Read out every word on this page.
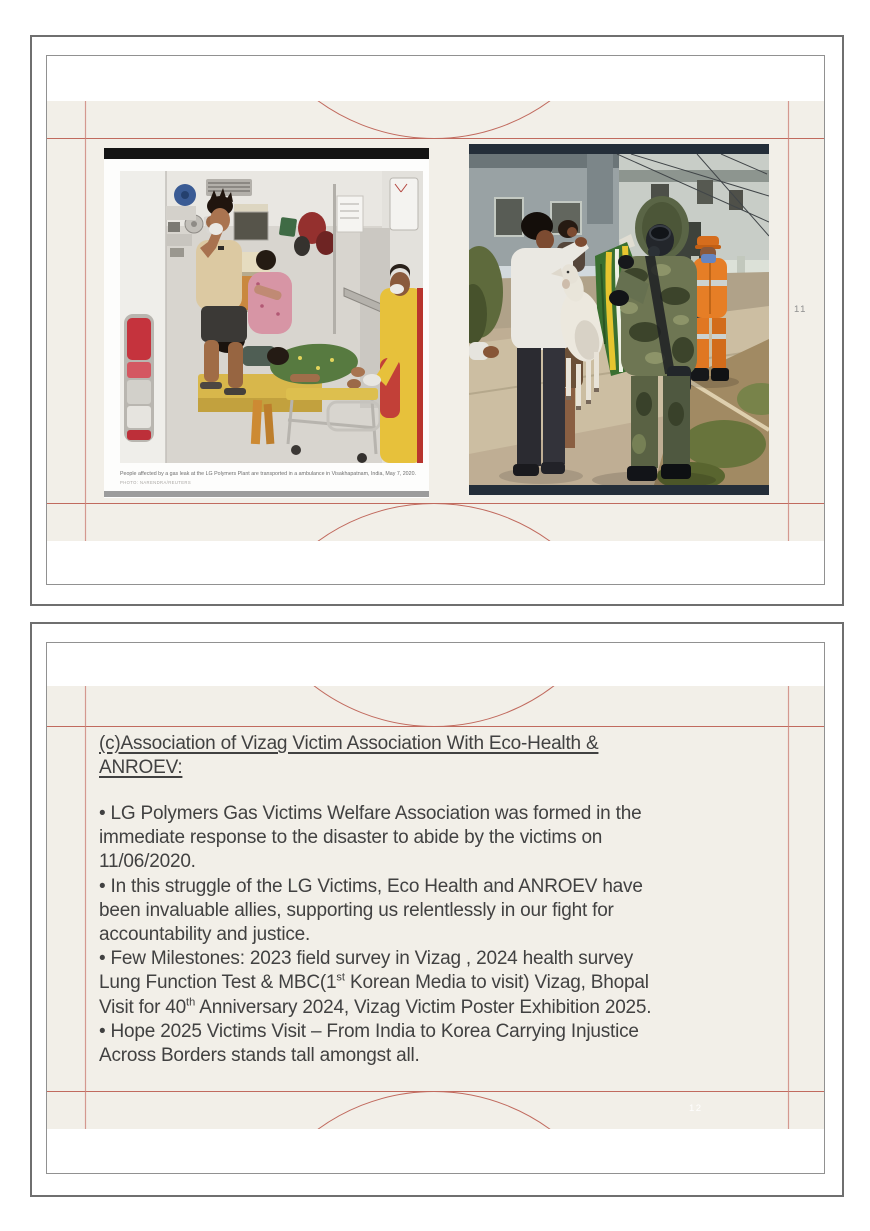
People affected by a gas leak at the LG Polymers Plant are transported in a ambulance in Visakhapatnam, India, May 7, 2020.
PHOTO: NARENDRA/REUTERS
11
(c)Association of Vizag Victim Association With Eco-Health &
ANROEV:
• LG Polymers Gas Victims Welfare Association was formed in the
immediate response to the disaster to abide by the victims on
11/06/2020.
• In this struggle of the LG Victims, Eco Health and ANROEV have
been invaluable allies, supporting us relentlessly in our fight for
accountability and justice.
• Few Milestones: 2023 field survey in Vizag , 2024 health survey
Lung Function Test & MBC(1st Korean Media to visit) Vizag, Bhopal
Visit for 40th Anniversary 2024, Vizag Victim Poster Exhibition 2025.
• Hope 2025 Victims Visit – From India to Korea Carrying Injustice
Across Borders stands tall amongst all.
12
